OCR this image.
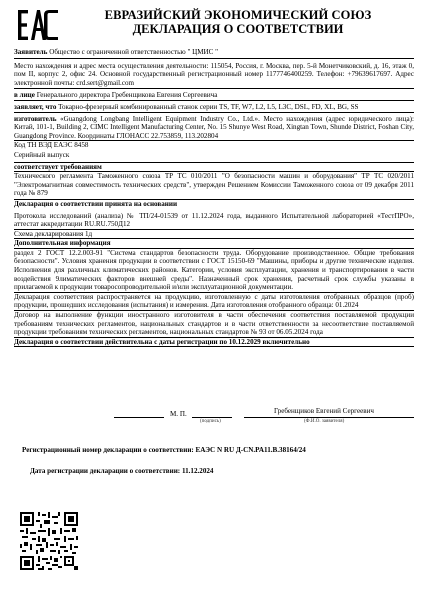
ЕВРАЗИЙСКИЙ ЭКОНОМИЧЕСКИЙ СОЮЗ
ДЕКЛАРАЦИЯ О СООТВЕТСТВИИ
Заявитель Общество с ограниченной ответственностью " ЦМИС "
Место нахождения и адрес места осуществления деятельности: 115054, Россия, г. Москва, пер. 5-й Монетчиковский, д. 16, этаж 0, пом II, корпус 2, офис 24. Основной государственный регистрационный номер 1177746400259. Телефон: +79639617697. Адрес электронной почты: crd.sert@gmail.com
в лице Генерального директора Гребенщикова Евгения Сергеевича
заявляет, что Токарно-фрезерный комбинированный станок серии TS, TF, W7, L2, L5, L3C, DSL, FD, XL, BG, SS
изготовитель «Guangdong Longbang Intelligent Equipment Industry Co., Ltd.». Место нахождения (адрес юридического лица): Китай, 101-1, Building 2, CIMC Intelligent Manufacturing Center, No. 15 Shunye West Road, Xingtan Town, Shunde District, Foshan City, Guangdong Province. Координаты ГЛОНАСС 22.753859, 113.202804
Код ТН ВЭД ЕАЭС 8458
Серийный выпуск
соответствует требованиям
Технического регламента Таможенного союза ТР ТС 010/2011 "О безопасности машин и оборудования" ТР ТС 020/2011 "Электромагнитная совместимость технических средств", утвержден Решением Комиссии Таможенного союза от 09 декабря 2011 года № 879
Декларация о соответствии принята на основании
Протокола исследований (анализа) № ТП/24-01539 от 11.12.2024 года, выданного Испытательной лабораторией «ТестПРО», аттестат аккредитации RU.RU.750Д12
Схема декларирования 1д
Дополнительная информация
раздел 2 ГОСТ 12.2.003-91 "Система стандартов безопасности труда. Оборудование производственное. Общие требования безопасности". Условия хранения продукции в соответствии с ГОСТ 15150-69 "Машины, приборы и другие технические изделия. Исполнения для различных климатических районов. Категории, условия эксплуатации, хранения и транспортирования в части воздействия 9лиматических факторов внешней среды". Назначенный срок хранения, расчетный срок службы указаны в прилагаемой к продукции товаросопроводительной и/или эксплуатационной документации.
Декларация соответствия распространяется на продукцию, изготовленную с даты изготовления отобранных образцов (проб) продукции, прошедших исследования (испытания) и измерения. Дата изготовления отобранного образца: 01.2024
Договор на выполнение функции иностранного изготовителя в части обеспечения соответствия поставляемой продукции требованиям технических регламентов, национальных стандартов и в части ответственности за несоответствие поставляемой продукции требованиям технических регламентов, национальных стандартов № 93 от 06.05.2024 года
Декларация о соответствии действительна с даты регистрации по 10.12.2029 включительно
М. П.
(подпись)
Гребенщиков Евгений Сергеевич
(Ф.И.О. заявителя)
Регистрационный номер декларации о соответствии: ЕАЭС N RU Д-CN.PA11.B.38164/24
Дата регистрации декларации о соответствии: 11.12.2024
